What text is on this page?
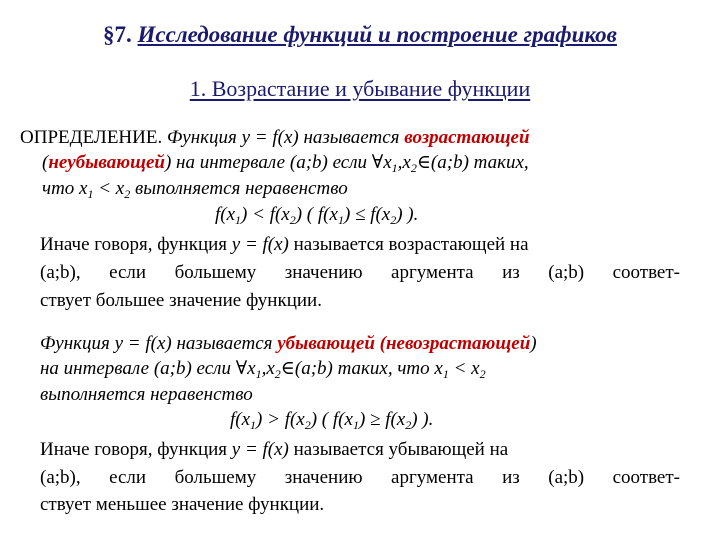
§7. Исследование функций и построение графиков
1. Возрастание и убывание функции
ОПРЕДЕЛЕНИЕ. Функция y = f(x) называется возрастающей
(неубывающей) на интервале (a;b) если $\forall x_1,x_2\in(a;b)$ таких,
что $x_1 < x_2$ выполняется неравенство
$f(x_1) < f(x_2)$ ( $f(x_1) \le f(x_2)$ ).
Иначе говоря, функция y = f(x) называется возрастающей на
(a;b), если большему значению аргумента из (a;b) соответ-
ствует большее значение функции.
Функция y = f(x) называется убывающей (невозрастающей)
на интервале (a;b) если $\forall x_1,x_2\in(a;b)$ таких, что $x_1 < x_2$
выполняется неравенство
$f(x_1) > f(x_2)$ ( $f(x_1) \ge f(x_2)$ ).
Иначе говоря, функция y = f(x) называется убывающей на
(a;b), если большему значению аргумента из (a;b) соответ-
ствует меньшее значение функции.
